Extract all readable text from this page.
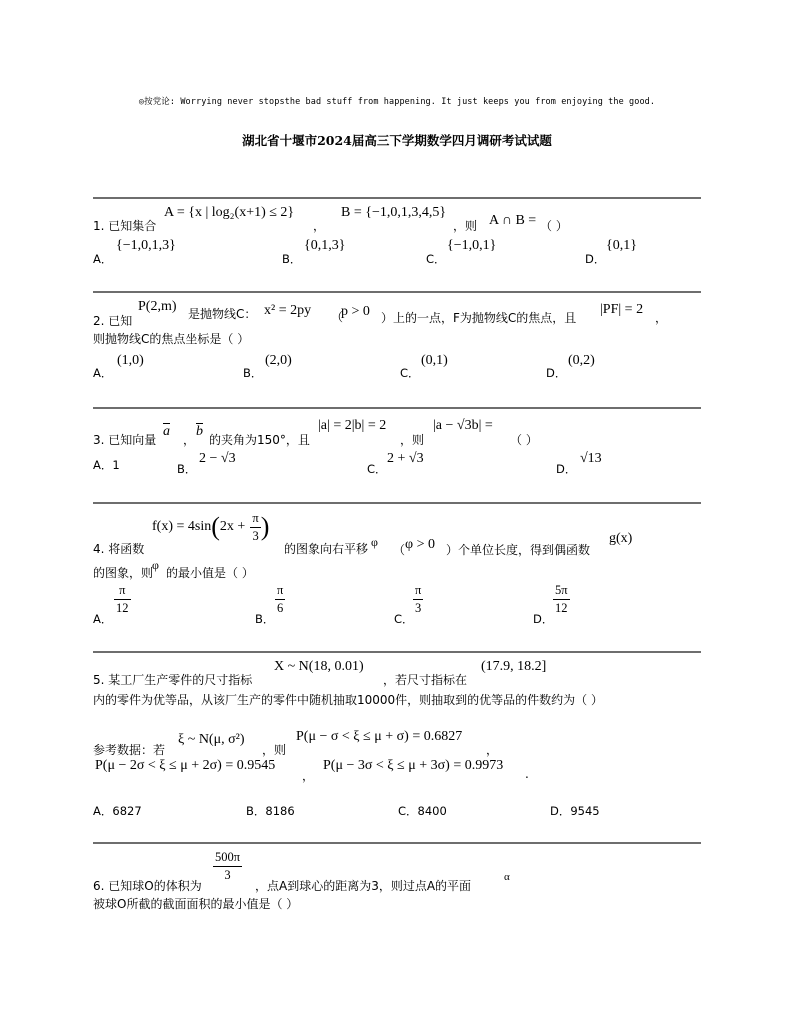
◎按党论: Worrying never stopsthe bad stuff from happening. It just keeps you from enjoying the good.
湖北省十堰市2024届高三下学期数学四月调研考试试题
1. 已知集合
A = {x | log₂(x+1) ≤ 2}
，
B = {−1,0,1,3,4,5}
，则 A ∩ B = （ ）
A．
{−1,0,1,3}
B．
{0,1,3}
C．
{−1,0,1}
D．
{0,1}
2. 已知
P(2,m) 是抛物线C： x² = 2py （
p > 0 ）上的一点，F为抛物线C的焦点，且
|PF| = 2
，
则抛物线C的焦点坐标是（ ）
A．
(1,0)
B．
(2,0)
C．
(0,1)
D．
(0,2)
3. 已知向量
$\overline{a}$
，
$\overline{b}$
的夹角为150°，且
|a| = 2|b| = 2
，则
|a − √3b| =
（ ）
A．1	B．
2 − √3
C．
2 + √3
D．
√13
4. 将函数
$f(x) = 4\sin(2x + \frac{\pi}{3}$ )
的图象向右平移 φ
（ φ > 0 ）个单位长度，得到偶函数
g(x)
的图象，则
φ
的最小值是（ ）
A．
$\frac{\pi}{12}$
B．
$\frac{\pi}{6}$
C．
$\frac{\pi}{3}$
D．
$\frac{5\pi}{12}$
5. 某工厂生产零件的尺寸指标
X ~ N(18, 0.01)
，若尺寸指标在
(17.9, 18.2]
内的零件为优等品，从该厂生产的零件中随机抽取10000件，则抽取到的优等品的件数约为（ ）
参考数据：若
ξ ~ N(μ, σ²)
，则
P(μ − σ < ξ ≤ μ + σ) = 0.6827
，
P(μ − 2σ < ξ ≤ μ + 2σ) = 0.9545
，
P(μ − 3σ < ξ ≤ μ + 3σ) = 0.9973
.
A．6827	B．8186	C．8400	D．9545
6. 已知球O的体积为
$\frac{500\pi}{3}$
，点A到球心的距离为3，则过点A的平面
α
被球O所截的截面面积的最小值是（ ）
